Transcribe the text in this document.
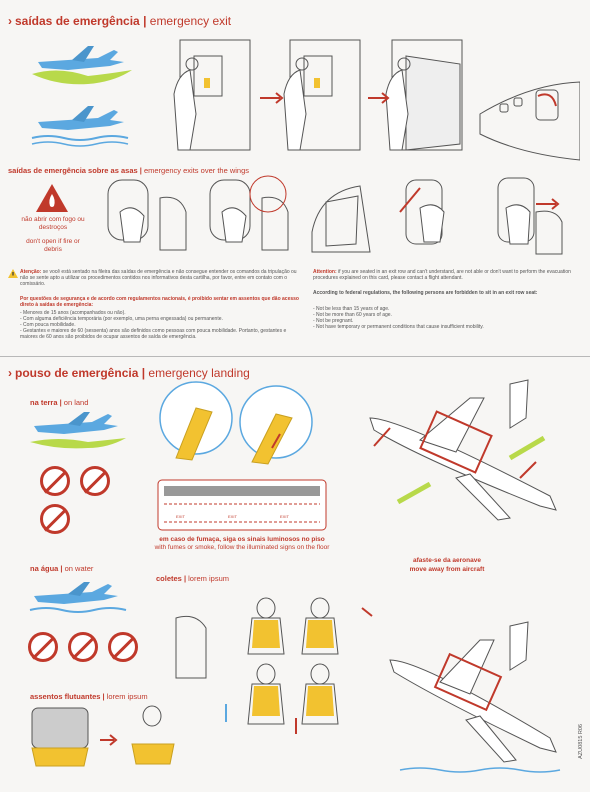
› saídas de emergência | emergency exit
saídas de emergência sobre as asas | emergency exits over the wings
não abrir com fogo ou destroços
don't open if fire or debris
Atenção: se você está sentado na fileira das saídas de emergência e não consegue entender os comandos da tripulação ou não se sente apto a utilizar os procedimentos contidos nos informativos desta cartilha, por favor, entre em contato com o comissário.
Por questões de segurança e de acordo com regulamentos nacionais, é proibido sentar em assentos que dão acesso direto à saídas de emergência:
- Menores de 15 anos (acompanhados ou não).
- Com alguma deficiência temporária (por exemplo, uma perna engessada) ou permanente.
- Com pouca mobilidade.
- Gestantes e maiores de 60 (sessenta) anos são definidos como pessoas com pouca mobilidade. Portanto, gestantes e maiores de 60 anos são proibidos de ocupar assentos de saída de emergência.
Attention: if you are seated in an exit row and can't understand, are not able or don't want to perform the evacuation procedures explained on this card, please contact a flight attendant.
According to federal regulations, the following persons are forbidden to sit in an exit row seat:
- Not be less than 15 years of age.
- Not be more than 60 years of age.
- Not be pregnant.
- Not have temporary or permanent conditions that cause insufficient mobility.
› pouso de emergência | emergency landing
na terra | on land
EXIT	EXIT	EXIT
em caso de fumaça, siga os sinais luminosos no piso
with fumes or smoke, follow the illuminated signs on the floor
afaste-se da aeronave
move away from aircraft
na água | on water
coletes | lorem ipsum
assentos flutuantes | lorem ipsum
AZU0815 R06
